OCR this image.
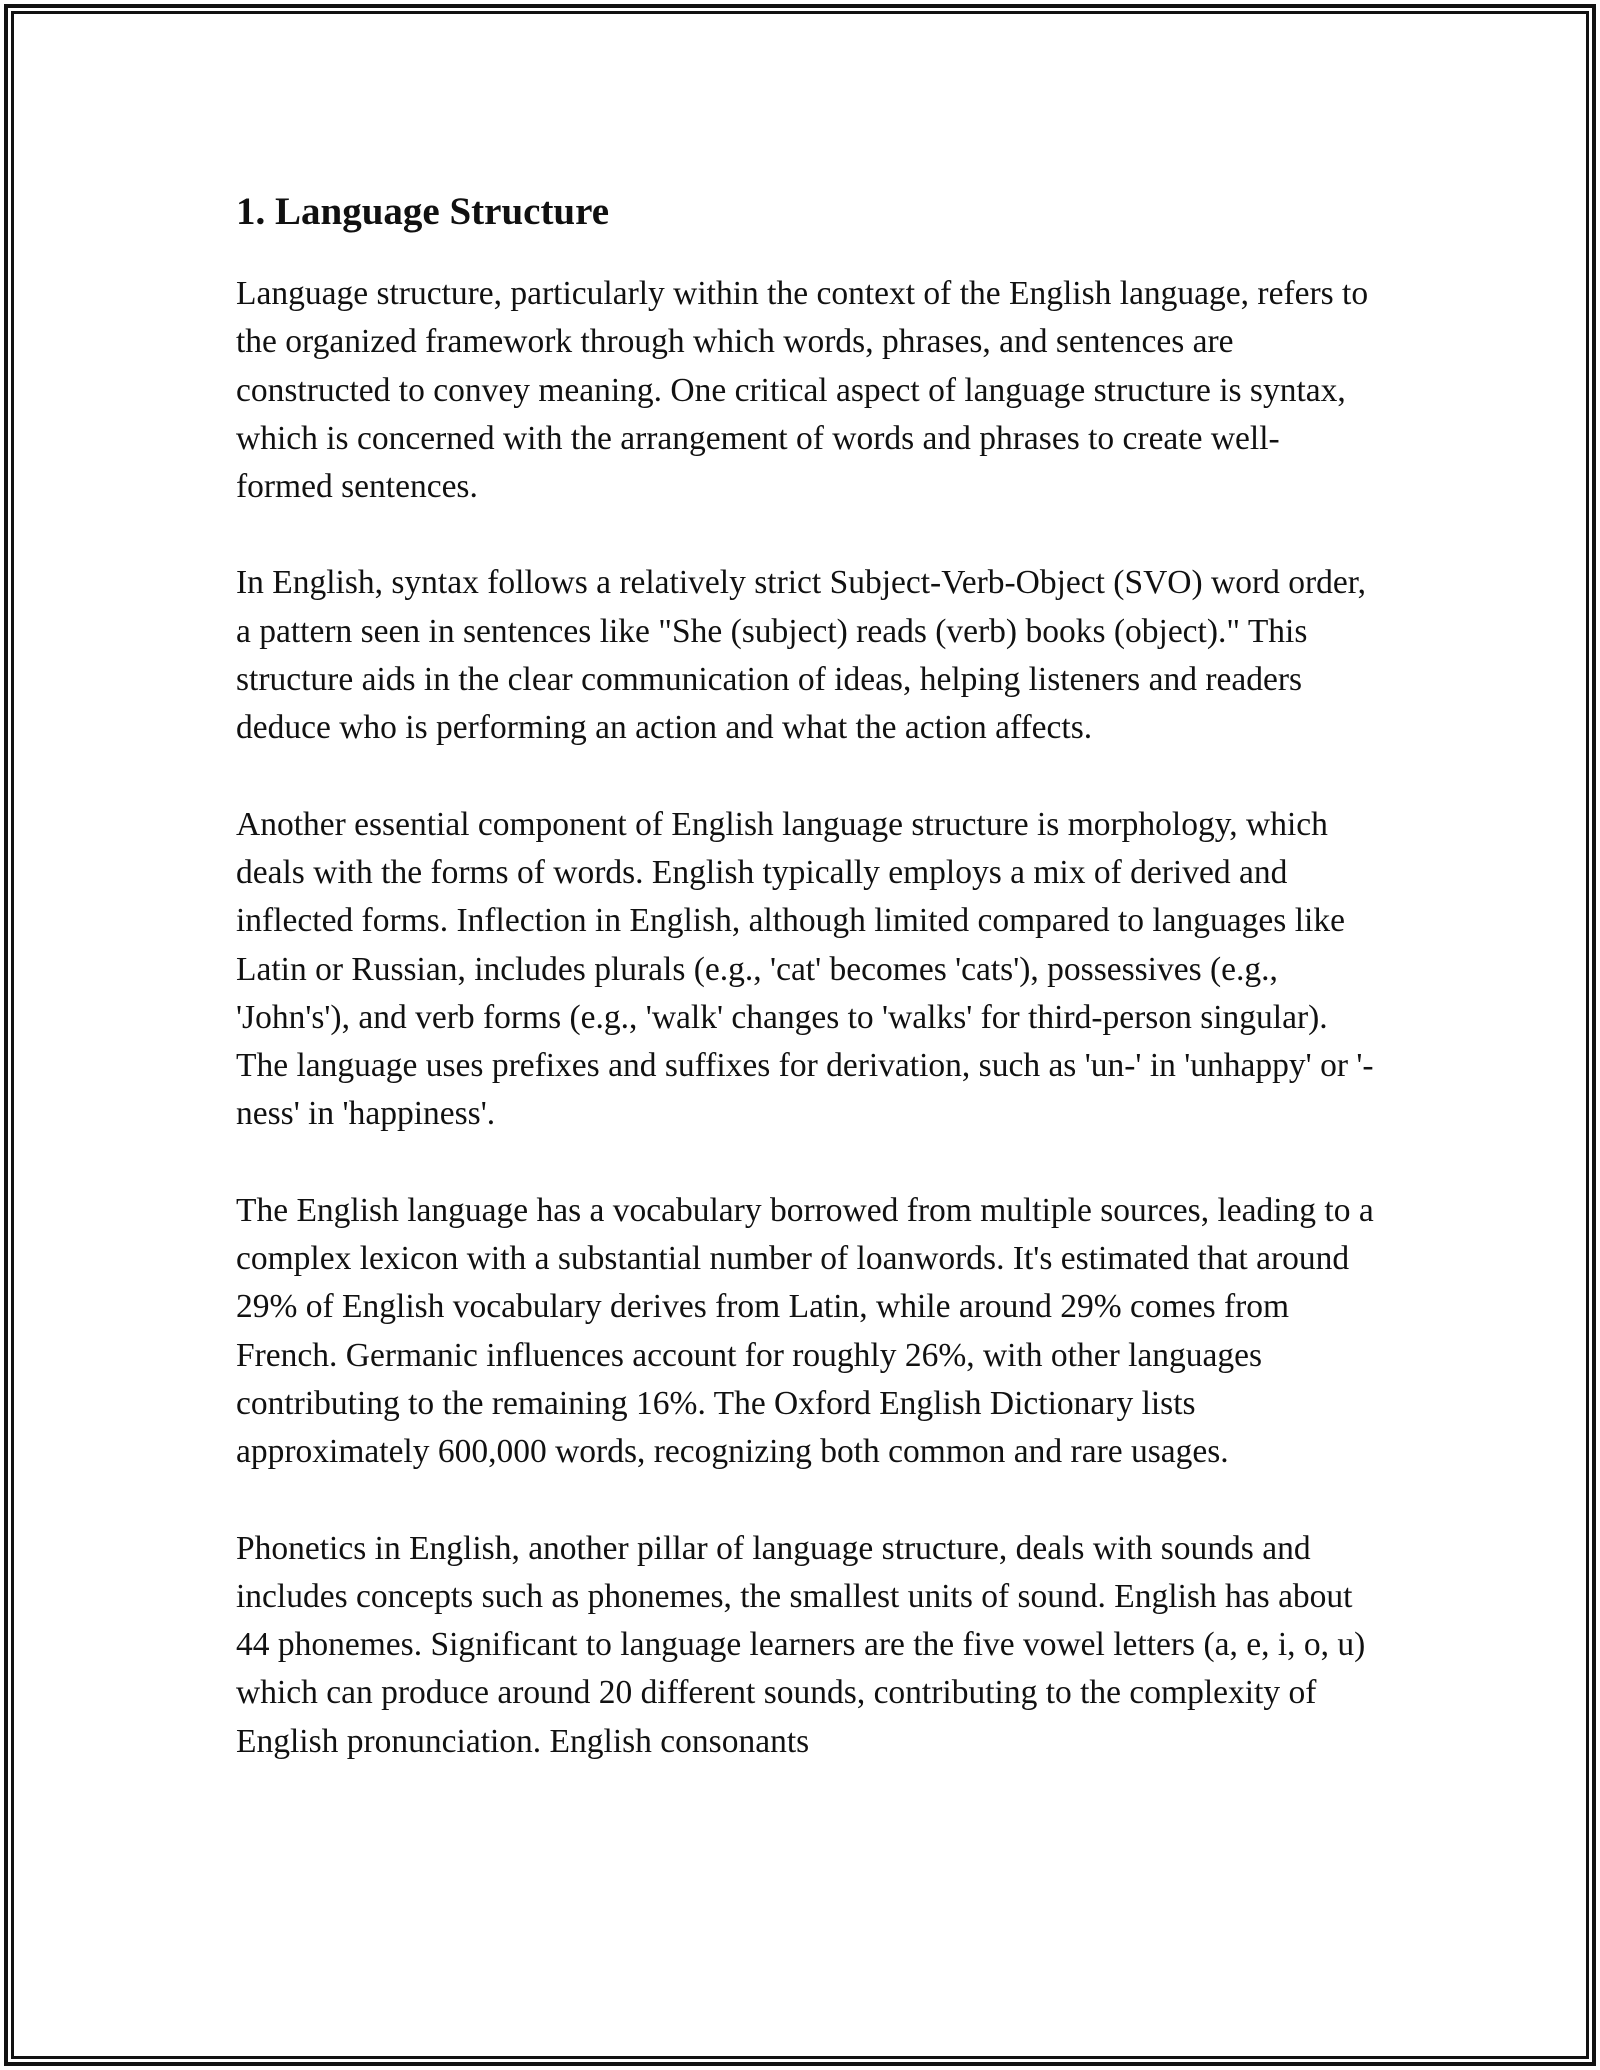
1. Language Structure

Language structure, particularly within the context of the English language, refers to the organized framework through which words, phrases, and sentences are constructed to convey meaning. One critical aspect of language structure is syntax, which is concerned with the arrangement of words and phrases to create well-formed sentences.

In English, syntax follows a relatively strict Subject-Verb-Object (SVO) word order, a pattern seen in sentences like "She (subject) reads (verb) books (object)." This structure aids in the clear communication of ideas, helping listeners and readers deduce who is performing an action and what the action affects.

Another essential component of English language structure is morphology, which deals with the forms of words. English typically employs a mix of derived and inflected forms. Inflection in English, although limited compared to languages like Latin or Russian, includes plurals (e.g., 'cat' becomes 'cats'), possessives (e.g., 'John's'), and verb forms (e.g., 'walk' changes to 'walks' for third-person singular). The language uses prefixes and suffixes for derivation, such as 'un-' in 'unhappy' or '-ness' in 'happiness'.

The English language has a vocabulary borrowed from multiple sources, leading to a complex lexicon with a substantial number of loanwords. It's estimated that around 29% of English vocabulary derives from Latin, while around 29% comes from French. Germanic influences account for roughly 26%, with other languages contributing to the remaining 16%. The Oxford English Dictionary lists approximately 600,000 words, recognizing both common and rare usages.

Phonetics in English, another pillar of language structure, deals with sounds and includes concepts such as phonemes, the smallest units of sound. English has about 44 phonemes. Significant to language learners are the five vowel letters (a, e, i, o, u) which can produce around 20 different sounds, contributing to the complexity of English pronunciation. English consonants
